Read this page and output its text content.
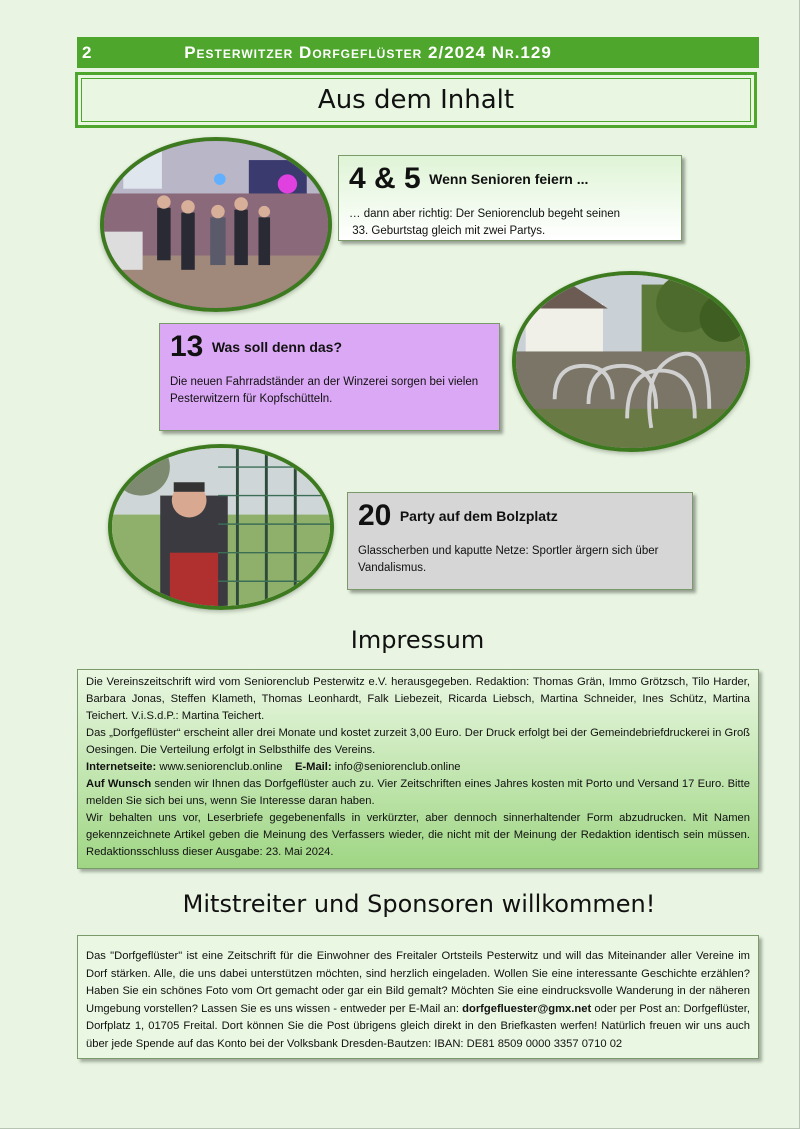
2	Pesterwitzer Dorfgeflüster 2/2024 Nr.129
Aus dem Inhalt
4 & 5 Wenn Senioren feiern ...
… dann aber richtig: Der Seniorenclub begeht seinen
33. Geburtstag gleich mit zwei Partys.
13 Was soll denn das?
Die neuen Fahrradständer an der Winzerei sorgen bei vielen
Pesterwitzern für Kopfschütteln.
20 Party auf dem Bolzplatz
Glasscherben und kaputte Netze: Sportler ärgern sich über
Vandalismus.
Impressum

Die Vereinszeitschrift wird vom Seniorenclub Pesterwitz e.V. herausgegeben. Redaktion: Thomas Grän, Immo Grötzsch, Tilo Harder, Barbara Jonas, Steffen Klameth, Thomas Leonhardt, Falk Liebezeit, Ricarda Liebsch, Martina Schneider, Ines Schütz, Martina Teichert. V.i.S.d.P.: Martina Teichert.

Das „Dorfgeflüster“ erscheint aller drei Monate und kostet zurzeit 3,00 Euro. Der Druck erfolgt bei der Gemeindebriefdruckerei in Groß Oesingen. Die Verteilung erfolgt in Selbsthilfe des Vereins.

Internetseite: www.seniorenclub.online E-Mail: info@seniorenclub.online

Auf Wunsch senden wir Ihnen das Dorfgeflüster auch zu. Vier Zeitschriften eines Jahres kosten mit Porto und Versand 17 Euro. Bitte melden Sie sich bei uns, wenn Sie Interesse daran haben.

Wir behalten uns vor, Leserbriefe gegebenenfalls in verkürzter, aber dennoch sinnerhaltender Form abzudrucken. Mit Namen gekennzeichnete Artikel geben die Meinung des Verfassers wieder, die nicht mit der Meinung der Redaktion identisch sein müssen. Redaktionsschluss dieser Ausgabe: 23. Mai 2024.

Mitstreiter und Sponsoren willkommen!
Das "Dorfgeflüster" ist eine Zeitschrift für die Einwohner des Freitaler Ortsteils Pesterwitz und will das Miteinander aller Vereine im Dorf stärken. Alle, die uns dabei unterstützen möchten, sind herzlich eingeladen. Wollen Sie eine interessante Geschichte erzählen? Haben Sie ein schönes Foto vom Ort gemacht oder gar ein Bild gemalt? Möchten Sie eine eindrucksvolle Wanderung in der näheren Umgebung vorstellen? Lassen Sie es uns wissen - entweder per E-Mail an: dorfgefluester@gmx.net oder per Post an: Dorfgeflüster, Dorfplatz 1, 01705 Freital. Dort können Sie die Post übrigens gleich direkt in den Briefkasten werfen! Natürlich freuen wir uns auch über jede Spende auf das Konto bei der Volksbank Dresden-Bautzen: IBAN: DE81 8509 0000 3357 0710 02
